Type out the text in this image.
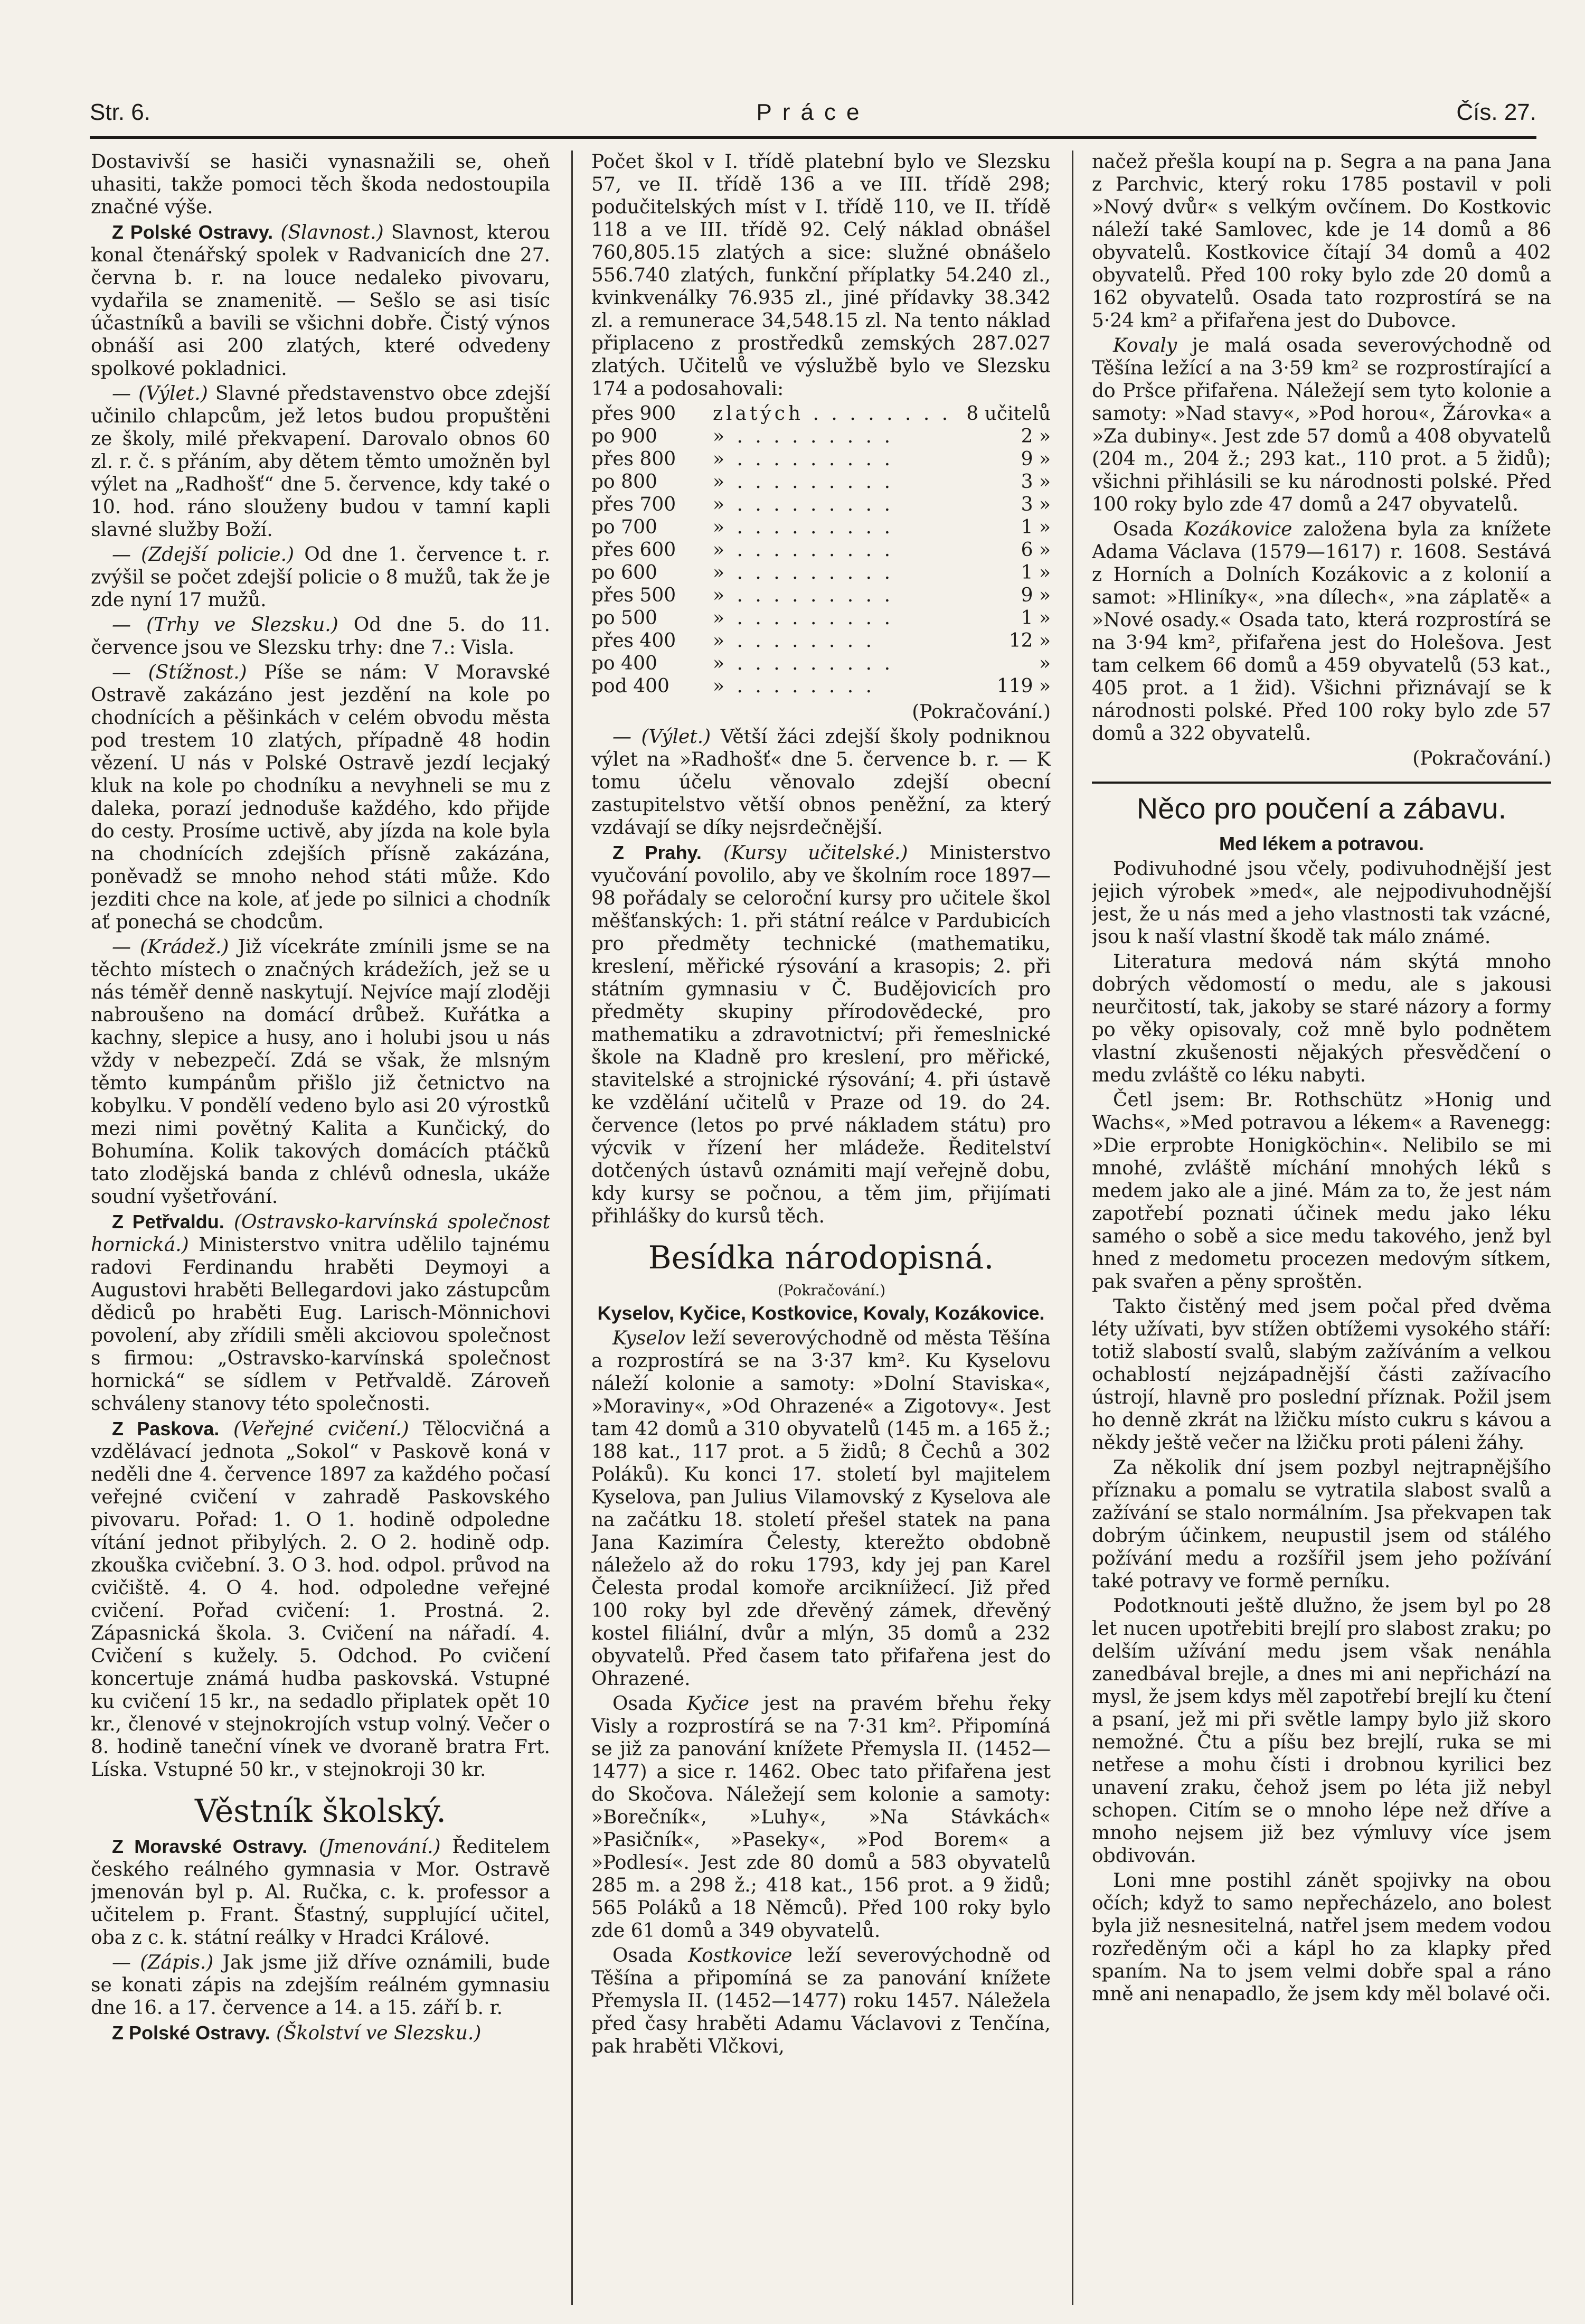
Str. 6.	Práce	Čís. 27.

Dostavivší se hasiči vynasnažili se, oheň uhasiti, takže pomoci těch škoda nedostoupila značné výše.

Z Polské Ostravy. (Slavnost.) Slavnost, kterou konal čtenářský spolek v Radvanicích dne 27. června b. r. na louce nedaleko pivovaru, vydařila se znamenitě. — Sešlo se asi tisíc účastníků a bavili se všichni dobře. Čistý výnos obnáší asi 200 zlatých, které odvedeny spolkové pokladnici.

— (Výlet.) Slavné představenstvo obce zdejší učinilo chlapcům, jež letos budou propuštěni ze školy, milé překvapení. Darovalo obnos 60 zl. r. č. s přáním, aby dětem těmto umožněn byl výlet na „Radhošť“ dne 5. července, kdy také o 10. hod. ráno slouženy budou v tamní kapli slavné služby Boží.

— (Zdejší policie.) Od dne 1. července t. r. zvýšil se počet zdejší policie o 8 mužů, tak že je zde nyní 17 mužů.

— (Trhy ve Slezsku.) Od dne 5. do 11. července jsou ve Slezsku trhy: dne 7.: Visla.

— (Stížnost.) Píše se nám: V Moravské Ostravě zakázáno jest jezdění na kole po chodnících a pěšinkách v celém obvodu města pod trestem 10 zlatých, případně 48 hodin vězení. U nás v Polské Ostravě jezdí lecjaký kluk na kole po chodníku a nevyhneli se mu z daleka, porazí jednoduše každého, kdo přijde do cesty. Prosíme uctivě, aby jízda na kole byla na chodnících zdejších přísně zakázána, poněvadž se mnoho nehod státi může. Kdo jezditi chce na kole, ať jede po silnici a chodník ať ponechá se chodcům.

— (Krádež.) Již vícekráte zmínili jsme se na těchto místech o značných krádežích, jež se u nás téměř denně naskytují. Nejvíce mají zloději nabroušeno na domácí drůbež. Kuřátka a kachny, slepice a husy, ano i holubi jsou u nás vždy v nebezpečí. Zdá se však, že mlsným těmto kumpánům přišlo již četnictvo na kobylku. V pondělí vedeno bylo asi 20 výrostků mezi nimi povětný Kalita a Kunčický, do Bohumína. Kolik takových domácích ptáčků tato zlodějská banda z chlévů odnesla, ukáže soudní vyšetřování.

Z Petřvaldu. (Ostravsko-karvínská společnost hornická.) Ministerstvo vnitra udělilo tajnému radovi Ferdinandu hraběti Deymoyi a Augustovi hraběti Bellegardovi jako zástupcům dědiců po hraběti Eug. Larisch-Mönnichovi povolení, aby zřídili směli akciovou společnost s firmou: „Ostravsko-karvínská společnost hornická“ se sídlem v Petřvaldě. Zároveň schváleny stanovy této společnosti.

Z Paskova. (Veřejné cvičení.) Tělocvičná a vzdělávací jednota „Sokol“ v Paskově koná v neděli dne 4. července 1897 za každého počasí veřejné cvičení v zahradě Paskovského pivovaru. Pořad: 1. O 1. hodině odpoledne vítání jednot přibylých. 2. O 2. hodině odp. zkouška cvičební. 3. O 3. hod. odpol. průvod na cvičiště. 4. O 4. hod. odpoledne veřejné cvičení. Pořad cvičení: 1. Prostná. 2. Zápasnická škola. 3. Cvičení na nářadí. 4. Cvičení s kužely. 5. Odchod. Po cvičení koncertuje známá hudba paskovská. Vstupné ku cvičení 15 kr., na sedadlo připlatek opět 10 kr., členové v stejnokrojích vstup volný. Večer o 8. hodině taneční vínek ve dvoraně bratra Frt. Líska. Vstupné 50 kr., v stejnokroji 30 kr.

Věstník školský.

Z Moravské Ostravy. (Jmenování.) Ředitelem českého reálného gymnasia v Mor. Ostravě jmenován byl p. Al. Ručka, c. k. professor a učitelem p. Frant. Šťastný, supplující učitel, oba z c. k. státní reálky v Hradci Králové.

— (Zápis.) Jak jsme již dříve oznámili, bude se konati zápis na zdejším reálném gymnasiu dne 16. a 17. července a 14. a 15. září b. r.

Z Polské Ostravy. (Školství ve Slezsku.)

Počet škol v I. třídě platební bylo ve Slezsku 57, ve II. třídě 136 a ve III. třídě 298; podučitelských míst v I. třídě 110, ve II. třídě 118 a ve III. třídě 92. Celý náklad obnášel 760,805.15 zlatých a sice: služné obnášelo 556.740 zlatých, funkční příplatky 54.240 zl., kvinkvenálky 76.935 zl., jiné přídavky 38.342 zl. a remunerace 34,548.15 zl. Na tento náklad připlaceno z prostředků zemských 287.027 zlatých. Učitelů ve výslužbě bylo ve Slezsku 174 a podosahovali:

přes 900	zlatých . . . . . . . . 8 učitelů
po 900	» . . . . . . . . .	2 »
přes 800	» . . . . . . . . .	9 »
po 800	» . . . . . . . . .	3 »
přes 700	» . . . . . . . . .	3 »
po 700	» . . . . . . . . .	1 »
přes 600	» . . . . . . . . .	6 »
po 600	» . . . . . . . . .	1 »
přes 500	» . . . . . . . . .	9 »
po 500	» . . . . . . . . .	1 »
přes 400	» . . . . . . . .	12 »
po 400	» . . . . . . . . .	»
pod 400	» . . . . . . . .	119 »

(Pokračování.)

— (Výlet.) Větší žáci zdejší školy podniknou výlet na »Radhošť« dne 5. července b. r. — K tomu účelu věnovalo zdejší obecní zastupitelstvo větší obnos peněžní, za který vzdávají se díky nejsrdečnější.

Z Prahy. (Kursy učitelské.) Ministerstvo vyučování povolilo, aby ve školním roce 1897—98 pořádaly se celoroční kursy pro učitele škol měšťanských: 1. při státní reálce v Pardubicích pro předměty technické (mathematiku, kreslení, měřické rýsování a krasopis; 2. při státním gymnasiu v Č. Budějovicích pro předměty skupiny přírodovědecké, pro mathematiku a zdravotnictví; při řemeslnické škole na Kladně pro kreslení, pro měřické, stavitelské a strojnické rýsování; 4. při ústavě ke vzdělání učitelů v Praze od 19. do 24. července (letos po prvé nákladem státu) pro výcvik v řízení her mládeže. Ředitelství dotčených ústavů oznámiti mají veřejně dobu, kdy kursy se počnou, a těm jim, přijímati přihlášky do kursů těch.

Besídka národopisná.

(Pokračování.)

Kyselov, Kyčice, Kostkovice, Kovaly, Kozákovice.

Kyselov leží severovýchodně od města Těšína a rozprostírá se na 3·37 km². Ku Kyselovu náleží kolonie a samoty: »Dolní Staviska«, »Moraviny«, »Od Ohrazené« a Zigotovy«. Jest tam 42 domů a 310 obyvatelů (145 m. a 165 ž.; 188 kat., 117 prot. a 5 židů; 8 Čechů a 302 Poláků). Ku konci 17. století byl majitelem Kyselova, pan Julius Vilamovský z Kyselova ale na začátku 18. století přešel statek na pana Jana Kazimíra Čelesty, kterežto obdobně náleželo až do roku 1793, kdy jej pan Karel Čelesta prodal komoře arcikníižecí. Již před 100 roky byl zde dřevěný zámek, dřevěný kostel filiální, dvůr a mlýn, 35 domů a 232 obyvatelů. Před časem tato přifařena jest do Ohrazené.

Osada Kyčice jest na pravém břehu řeky Visly a rozprostírá se na 7·31 km². Připomíná se již za panování knížete Přemysla II. (1452—1477) a sice r. 1462. Obec tato přifařena jest do Skočova. Náležejí sem kolonie a samoty: »Borečník«, »Luhy«, »Na Stávkách« »Pasičník«, »Paseky«, »Pod Borem« a »Podlesí«. Jest zde 80 domů a 583 obyvatelů 285 m. a 298 ž.; 418 kat., 156 prot. a 9 židů; 565 Poláků a 18 Němců). Před 100 roky bylo zde 61 domů a 349 obyvatelů.

Osada Kostkovice leží severovýchodně od Těšína a připomíná se za panování knížete Přemysla II. (1452—1477) roku 1457. Náležela před časy hraběti Adamu Václavovi z Tenčína, pak hraběti Vlčkovi,

načež přešla koupí na p. Segra a na pana Jana z Parchvic, který roku 1785 postavil v poli »Nový dvůr« s velkým ovčínem. Do Kostkovic náleží také Samlovec, kde je 14 domů a 86 obyvatelů. Kostkovice čítají 34 domů a 402 obyvatelů. Před 100 roky bylo zde 20 domů a 162 obyvatelů. Osada tato rozprostírá se na 5·24 km² a přifařena jest do Dubovce.

Kovaly je malá osada severovýchodně od Těšína ležící a na 3·59 km² se rozprostírající a do Pršce přifařena. Náležejí sem tyto kolonie a samoty: »Nad stavy«, »Pod horou«, Žárovka« a »Za dubiny«. Jest zde 57 domů a 408 obyvatelů (204 m., 204 ž.; 293 kat., 110 prot. a 5 židů); všichni přihlásili se ku národnosti polské. Před 100 roky bylo zde 47 domů a 247 obyvatelů.

Osada Kozákovice založena byla za knížete Adama Václava (1579—1617) r. 1608. Sestává z Horních a Dolních Kozákovic a z kolonií a samot: »Hliníky«, »na dílech«, »na záplatě« a »Nové osady.« Osada tato, která rozprostírá se na 3·94 km², přifařena jest do Holešova. Jest tam celkem 66 domů a 459 obyvatelů (53 kat., 405 prot. a 1 žid). Všichni přiznávají se k národnosti polské. Před 100 roky bylo zde 57 domů a 322 obyvatelů.

(Pokračování.)

Něco pro poučení a zábavu.
Med lékem a potravou.

Podivuhodné jsou včely, podivuhodnější jest jejich výrobek »med«, ale nejpodivuhodnější jest, že u nás med a jeho vlastnosti tak vzácné, jsou k naší vlastní škodě tak málo známé.

Literatura medová nám skýtá mnoho dobrých vědomostí o medu, ale s jakousi neurčitostí, tak, jakoby se staré názory a formy po věky opisovaly, což mně bylo podnětem vlastní zkušenosti nějakých přesvědčení o medu zvláště co léku nabyti.

Četl jsem: Br. Rothschütz »Honig und Wachs«, »Med potravou a lékem« a Ravenegg: »Die erprobte Honigköchin«. Nelibilo se mi mnohé, zvláště míchání mnohých léků s medem jako ale a jiné. Mám za to, že jest nám zapotřebí poznati účinek medu jako léku samého o sobě a sice medu takového, jenž byl hned z medometu procezen medovým sítkem, pak svařen a pěny sproštěn.

Takto čistěný med jsem počal před dvěma léty užívati, byv stížen obtížemi vysokého stáří: totiž slabostí svalů, slabým zažíváním a velkou ochablostí nejzápadnější části zažívacího ústrojí, hlavně pro poslední příznak. Požil jsem ho denně zkrát na lžičku místo cukru s kávou a někdy ještě večer na lžičku proti páleni žáhy.

Za několik dní jsem pozbyl nejtrapnějšího příznaku a pomalu se vytratila slabost svalů a zažívání se stalo normálním. Jsa překvapen tak dobrým účinkem, neupustil jsem od stálého požívání medu a rozšířil jsem jeho požívání také potravy ve formě perníku.

Podotknouti ještě dlužno, že jsem byl po 28 let nucen upotřebiti brejlí pro slabost zraku; po delším užívání medu jsem však nenáhla zanedbával brejle, a dnes mi ani nepřichází na mysl, že jsem kdys měl zapotřebí brejlí ku čtení a psaní, jež mi při světle lampy bylo již skoro nemožné. Čtu a píšu bez brejlí, ruka se mi netřese a mohu čísti i drobnou kyrilici bez unavení zraku, čehož jsem po léta již nebyl schopen. Citím se o mnoho lépe než dříve a mnoho nejsem již bez výmluvy více jsem obdivován.

Loni mne postihl zánět spojivky na obou očích; když to samo nepřecházelo, ano bolest byla již nesnesitelná, natřel jsem medem vodou rozředěným oči a kápl ho za klapky před spaním. Na to jsem velmi dobře spal a ráno mně ani nenapadlo, že jsem kdy měl bolavé oči.
